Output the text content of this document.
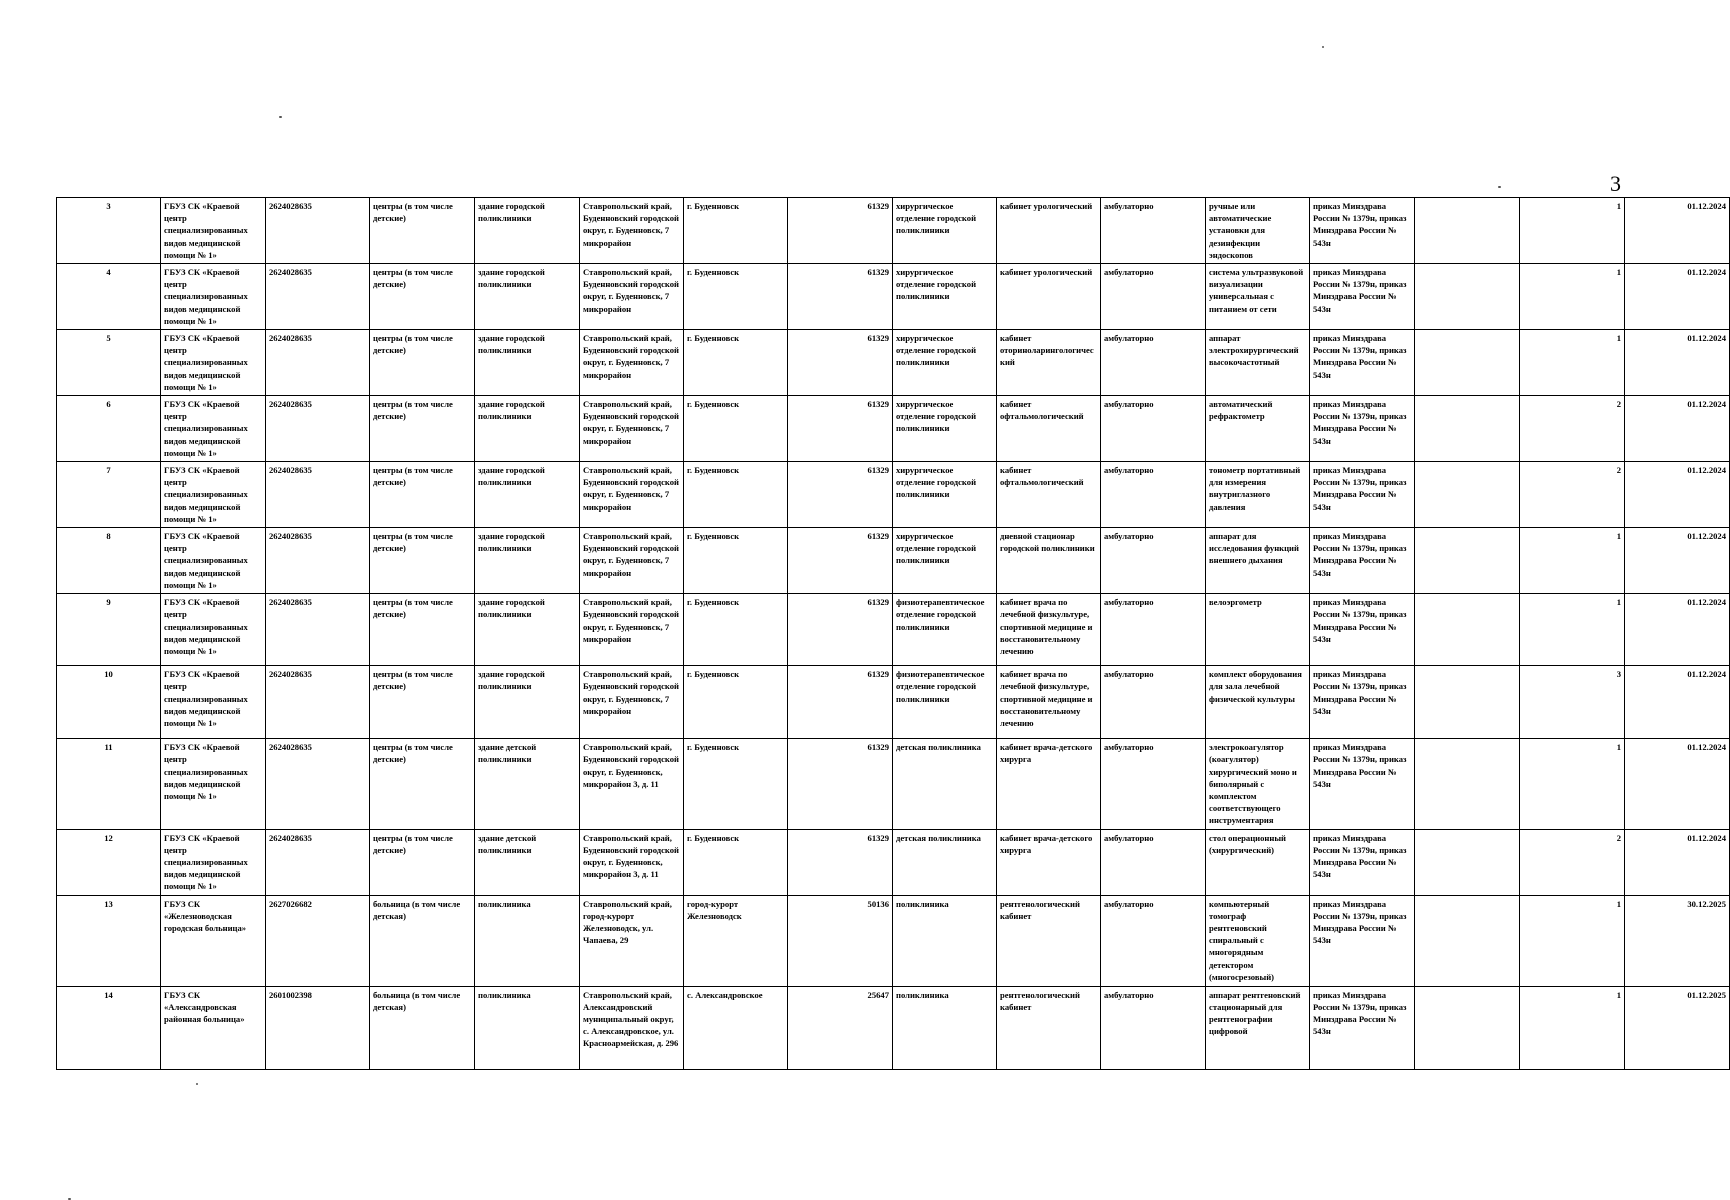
3
3	ГБУЗ СК «Краевой центр специализированных видов медицинской помощи № 1»	2624028635	центры (в том числе детские)	здание городской поликлиники	Ставропольский край, Буденновский городской округ, г. Буденновск, 7 микрорайон	г. Буденновск	61329	хирургическое отделение городской поликлиники	кабинет урологический	амбулаторно	ручные или автоматические установки для дезинфекции эндоскопов	приказ Минздрава России № 1379н, приказ Минздрава России № 543н		1	01.12.2024
4	ГБУЗ СК «Краевой центр специализированных видов медицинской помощи № 1»	2624028635	центры (в том числе детские)	здание городской поликлиники	Ставропольский край, Буденновский городской округ, г. Буденновск, 7 микрорайон	г. Буденновск	61329	хирургическое отделение городской поликлиники	кабинет урологический	амбулаторно	система ультразвуковой визуализации универсальная с питанием от сети	приказ Минздрава России № 1379н, приказ Минздрава России № 543н		1	01.12.2024
5	ГБУЗ СК «Краевой центр специализированных видов медицинской помощи № 1»	2624028635	центры (в том числе детские)	здание городской поликлиники	Ставропольский край, Буденновский городской округ, г. Буденновск, 7 микрорайон	г. Буденновск	61329	хирургическое отделение городской поликлиники	кабинет оториноларингологический	амбулаторно	аппарат электрохирургический высокочастотный	приказ Минздрава России № 1379н, приказ Минздрава России № 543н		1	01.12.2024
6	ГБУЗ СК «Краевой центр специализированных видов медицинской помощи № 1»	2624028635	центры (в том числе детские)	здание городской поликлиники	Ставропольский край, Буденновский городской округ, г. Буденновск, 7 микрорайон	г. Буденновск	61329	хирургическое отделение городской поликлиники	кабинет офтальмологический	амбулаторно	автоматический рефрактометр	приказ Минздрава России № 1379н, приказ Минздрава России № 543н		2	01.12.2024
7	ГБУЗ СК «Краевой центр специализированных видов медицинской помощи № 1»	2624028635	центры (в том числе детские)	здание городской поликлиники	Ставропольский край, Буденновский городской округ, г. Буденновск, 7 микрорайон	г. Буденновск	61329	хирургическое отделение городской поликлиники	кабинет офтальмологический	амбулаторно	тонометр портативный для измерения внутриглазного давления	приказ Минздрава России № 1379н, приказ Минздрава России № 543н		2	01.12.2024
8	ГБУЗ СК «Краевой центр специализированных видов медицинской помощи № 1»	2624028635	центры (в том числе детские)	здание городской поликлиники	Ставропольский край, Буденновский городской округ, г. Буденновск, 7 микрорайон	г. Буденновск	61329	хирургическое отделение городской поликлиники	дневной стационар городской поликлиники	амбулаторно	аппарат для исследования функций внешнего дыхания	приказ Минздрава России № 1379н, приказ Минздрава России № 543н		1	01.12.2024
9	ГБУЗ СК «Краевой центр специализированных видов медицинской помощи № 1»	2624028635	центры (в том числе детские)	здание городской поликлиники	Ставропольский край, Буденновский городской округ, г. Буденновск, 7 микрорайон	г. Буденновск	61329	физиотерапевтическое отделение городской поликлиники	кабинет врача по лечебной физкультуре, спортивной медицине и восстановительному лечению	амбулаторно	велоэргометр	приказ Минздрава России № 1379н, приказ Минздрава России № 543н		1	01.12.2024
10	ГБУЗ СК «Краевой центр специализированных видов медицинской помощи № 1»	2624028635	центры (в том числе детские)	здание городской поликлиники	Ставропольский край, Буденновский городской округ, г. Буденновск, 7 микрорайон	г. Буденновск	61329	физиотерапевтическое отделение городской поликлиники	кабинет врача по лечебной физкультуре, спортивной медицине и восстановительному лечению	амбулаторно	комплект оборудования для зала лечебной физической культуры	приказ Минздрава России № 1379н, приказ Минздрава России № 543н		3	01.12.2024
11	ГБУЗ СК «Краевой центр специализированных видов медицинской помощи № 1»	2624028635	центры (в том числе детские)	здание детской поликлиники	Ставропольский край, Буденновский городской округ, г. Буденновск, микрорайон 3, д. 11	г. Буденновск	61329	детская поликлиника	кабинет врача-детского хирурга	амбулаторно	электрокоагулятор (коагулятор) хирургический моно и биполярный с комплектом соответствующего инструментария	приказ Минздрава России № 1379н, приказ Минздрава России № 543н		1	01.12.2024
12	ГБУЗ СК «Краевой центр специализированных видов медицинской помощи № 1»	2624028635	центры (в том числе детские)	здание детской поликлиники	Ставропольский край, Буденновский городской округ, г. Буденновск, микрорайон 3, д. 11	г. Буденновск	61329	детская поликлиника	кабинет врача-детского хирурга	амбулаторно	стол операционный (хирургический)	приказ Минздрава России № 1379н, приказ Минздрава России № 543н		2	01.12.2024
13	ГБУЗ СК «Железноводская городская больница»	2627026682	больница (в том числе детская)	поликлиника	Ставропольский край, город-курорт Железноводск, ул. Чапаева, 29	город-курорт Железноводск	50136	поликлиника	рентгенологический кабинет	амбулаторно	компьютерный томограф рентгеновский спиральный с многорядным детектором (многосрезовый)	приказ Минздрава России № 1379н, приказ Минздрава России № 543н		1	30.12.2025
14	ГБУЗ СК «Александровская районная больница»	2601002398	больница (в том числе детская)	поликлиника	Ставропольский край, Александровский муниципальный округ, с. Александровское, ул. Красноармейская, д. 296	с. Александровское	25647	поликлиника	рентгенологический кабинет	амбулаторно	аппарат рентгеновский стационарный для рентгенографии цифровой	приказ Минздрава России № 1379н, приказ Минздрава России № 543н		1	01.12.2025
